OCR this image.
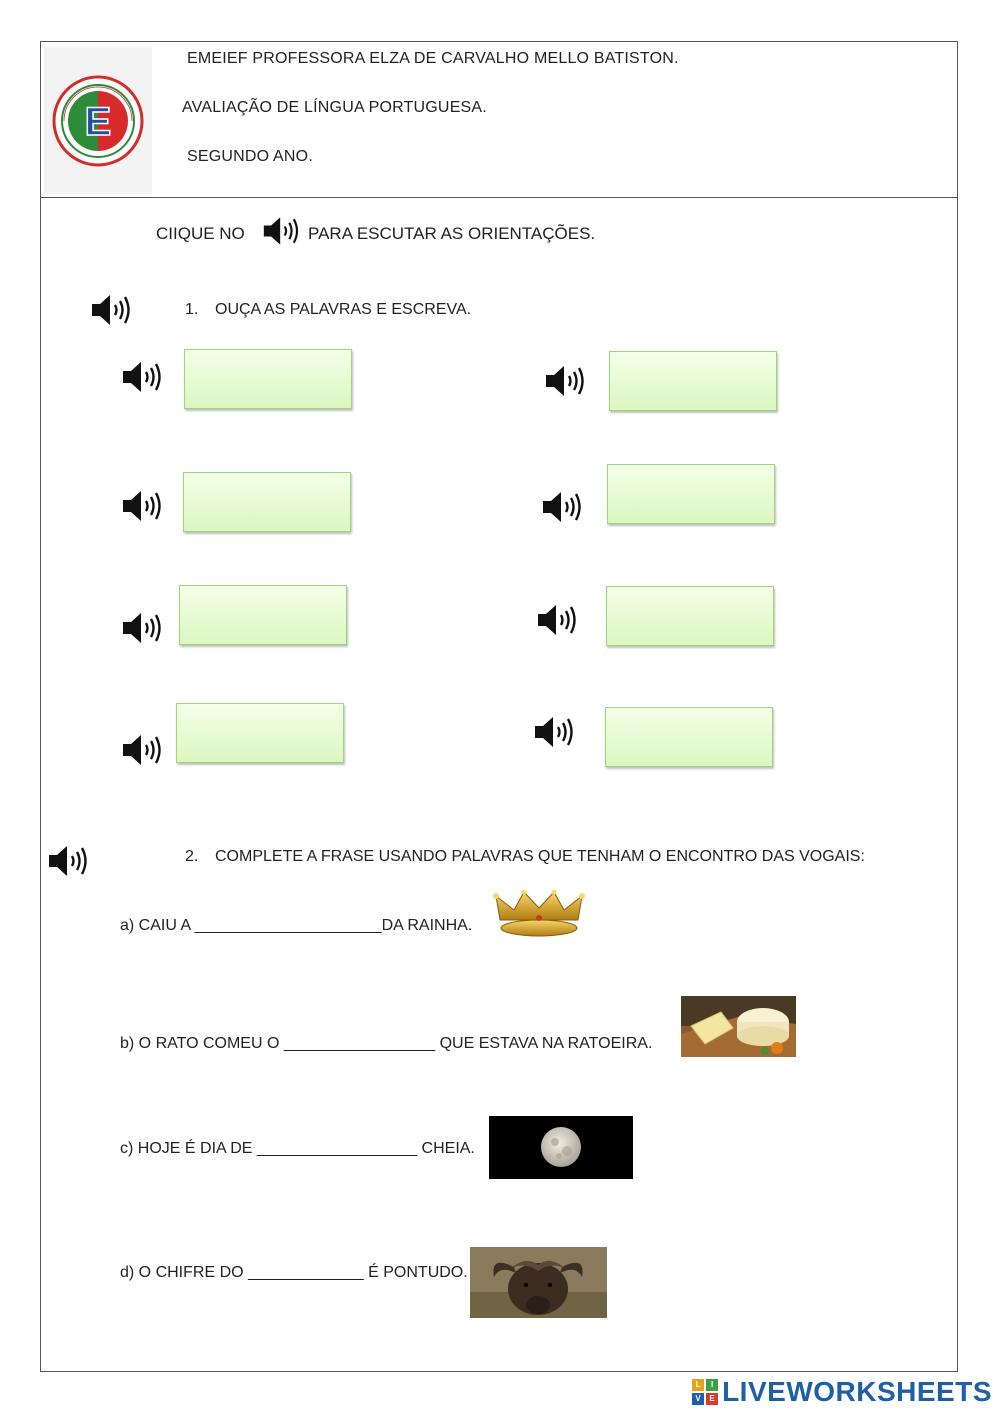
E
EMEIEF PROFESSORA ELZA DE CARVALHO MELLO BATISTON.
AVALIAÇÃO DE LÍNGUA PORTUGUESA.
SEGUNDO ANO.
CIIQUE NO	PARA ESCUTAR AS ORIENTAÇÕES.
1. OUÇA AS PALAVRAS E ESCREVA.
2. COMPLETE A FRASE USANDO PALAVRAS QUE TENHAM O ENCONTRO DAS VOGAIS:
a) CAIU A _____________________DA RAINHA.
b) O RATO COMEU O _________________ QUE ESTAVA NA RATOEIRA.
c) HOJE É DIA DE __________________ CHEIA.
d) O CHIFRE DO _____________ É PONTUDO.
L	I
V	E LIVEWORKSHEETS
